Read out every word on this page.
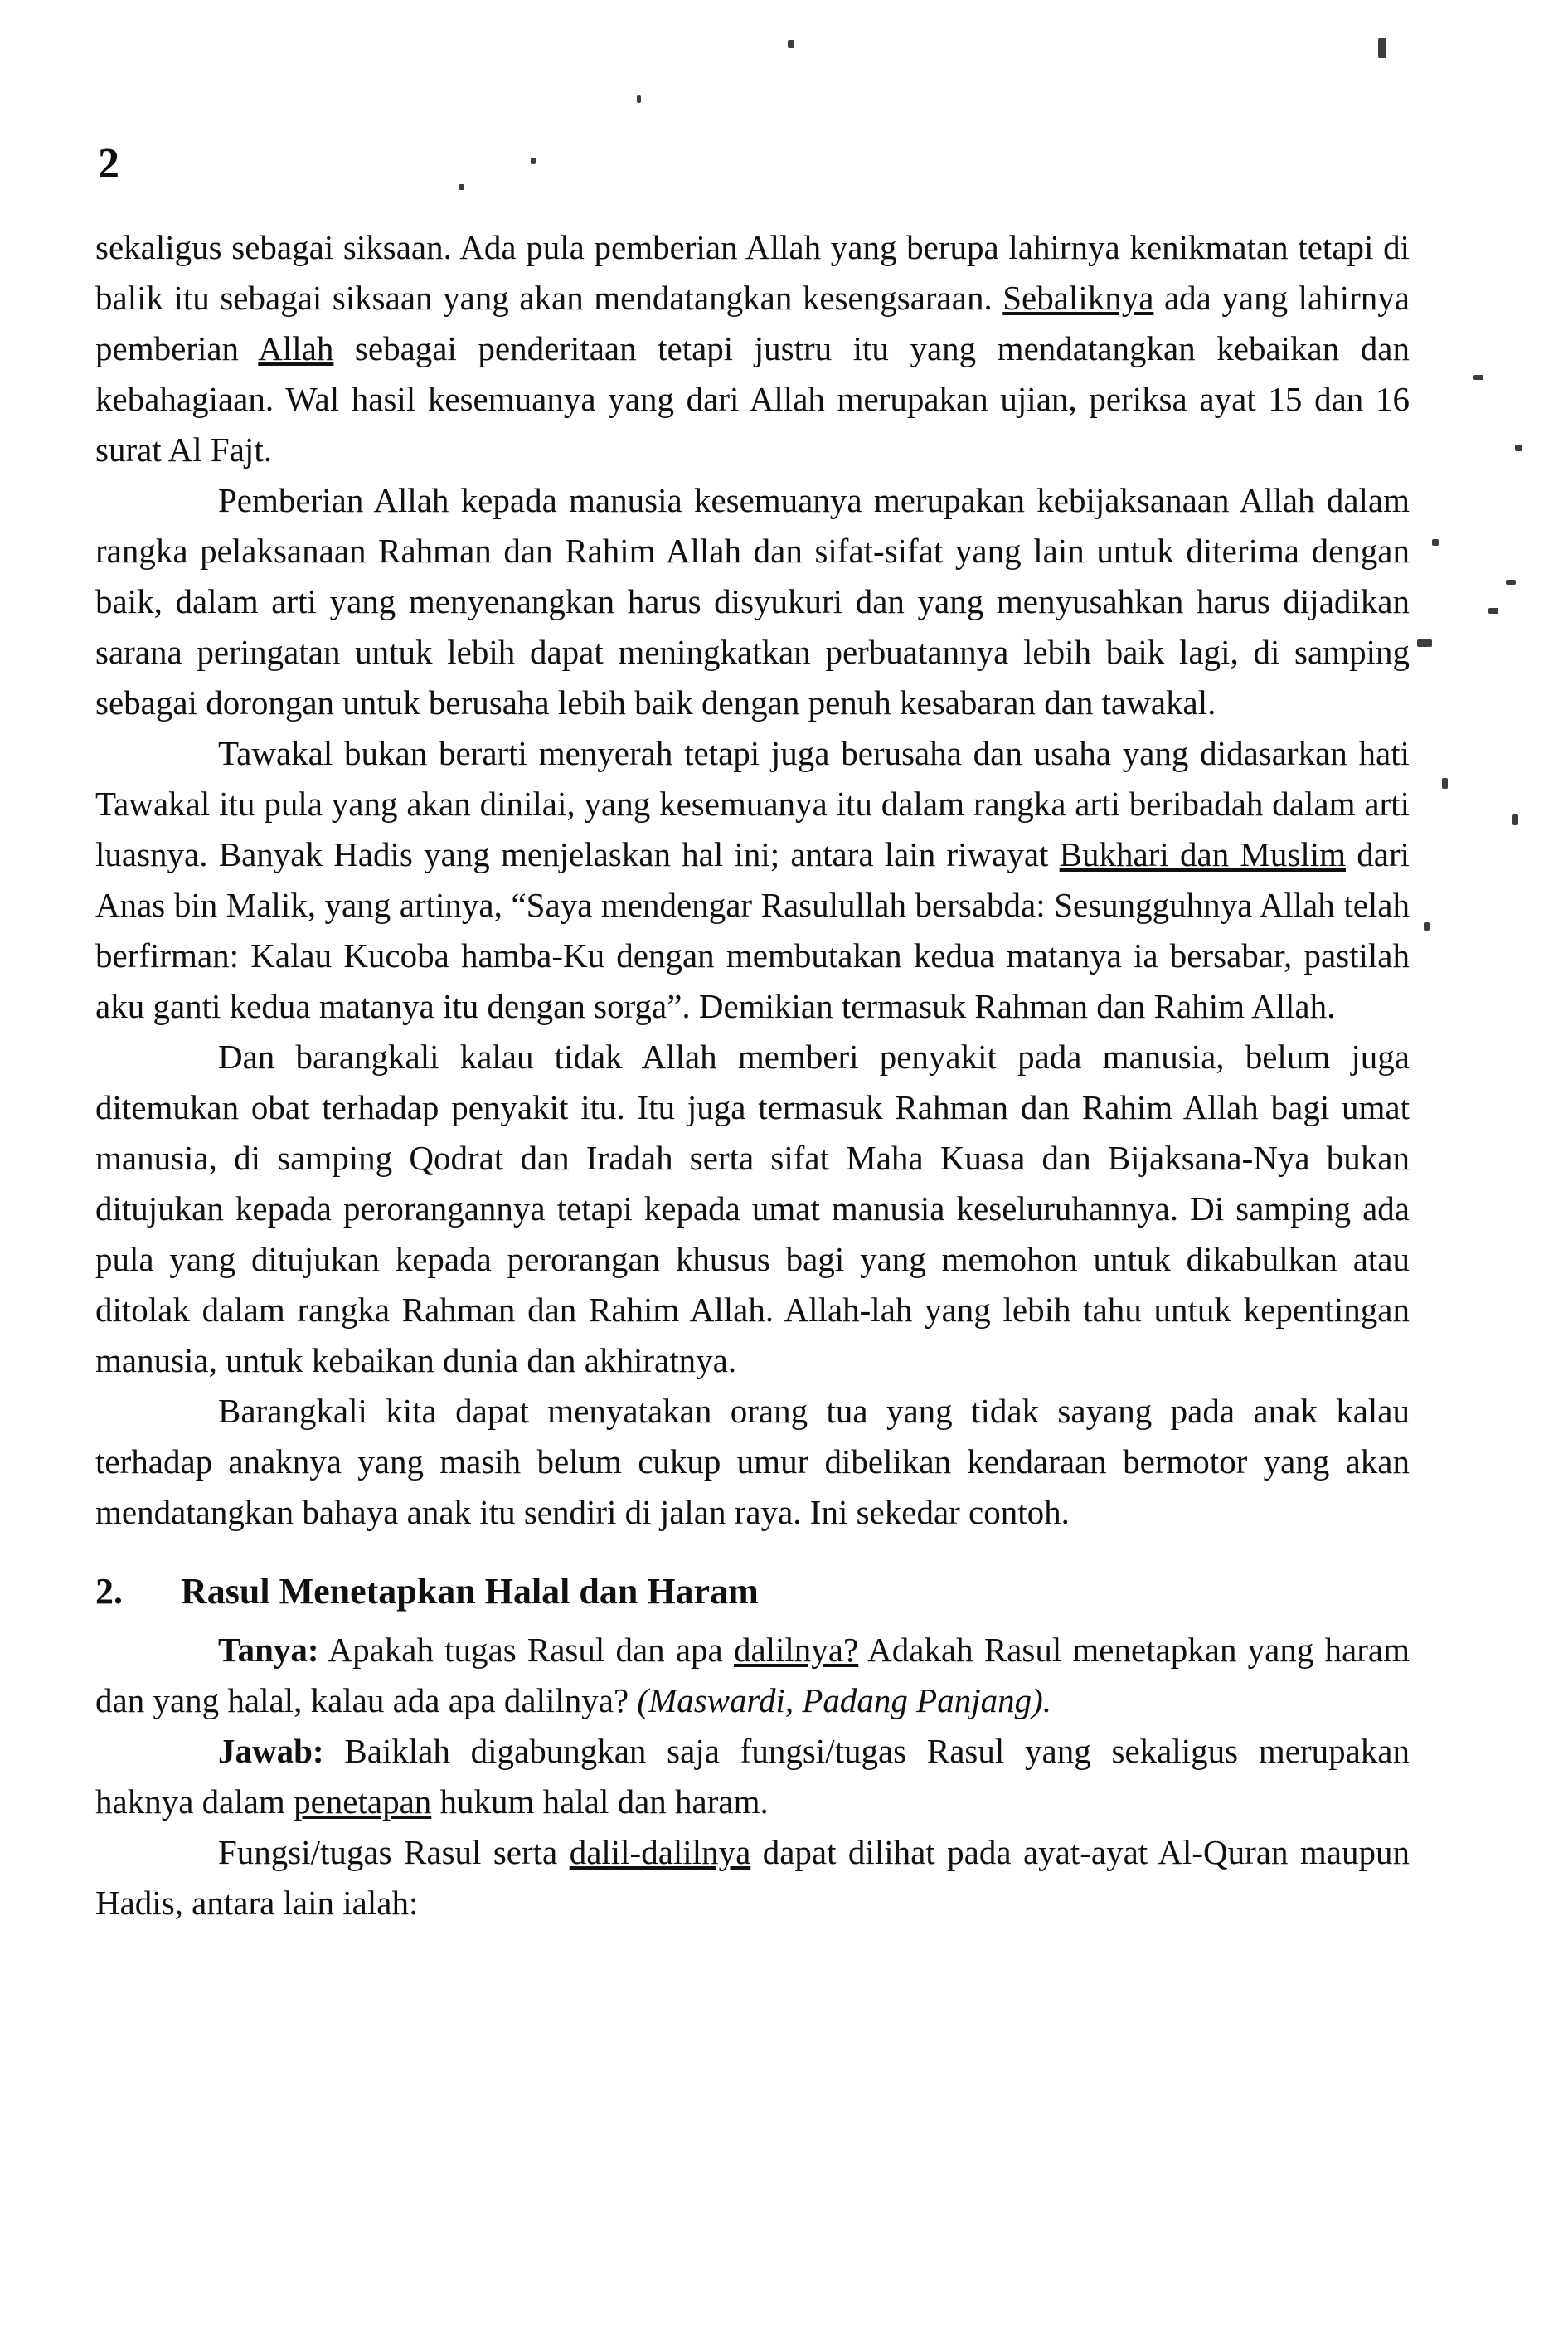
2

sekaligus sebagai siksaan. Ada pula pemberian Allah yang berupa lahirnya kenikmatan tetapi di balik itu sebagai siksaan yang akan mendatangkan kesengsaraan. Sebaliknya ada yang lahirnya pemberian Allah sebagai penderitaan tetapi justru itu yang mendatangkan kebaikan dan kebahagiaan. Wal hasil kesemuanya yang dari Allah merupakan ujian, periksa ayat 15 dan 16 surat Al Fajt.

Pemberian Allah kepada manusia kesemuanya merupakan kebijaksanaan Allah dalam rangka pelaksanaan Rahman dan Rahim Allah dan sifat-sifat yang lain untuk diterima dengan baik, dalam arti yang menyenangkan harus disyukuri dan yang menyusahkan harus dijadikan sarana peringatan untuk lebih dapat meningkatkan perbuatannya lebih baik lagi, di samping sebagai dorongan untuk berusaha lebih baik dengan penuh kesabaran dan tawakal.

Tawakal bukan berarti menyerah tetapi juga berusaha dan usaha yang didasarkan hati Tawakal itu pula yang akan dinilai, yang kesemuanya itu dalam rangka arti beribadah dalam arti luasnya. Banyak Hadis yang menjelaskan hal ini; antara lain riwayat Bukhari dan Muslim dari Anas bin Malik, yang artinya, “Saya mendengar Rasulullah bersabda: Sesungguhnya Allah telah berfirman: Kalau Kucoba hamba-Ku dengan membutakan kedua matanya ia bersabar, pastilah aku ganti kedua matanya itu dengan sorga”. Demikian termasuk Rahman dan Rahim Allah.

Dan barangkali kalau tidak Allah memberi penyakit pada manusia, belum juga ditemukan obat terhadap penyakit itu. Itu juga termasuk Rahman dan Rahim Allah bagi umat manusia, di samping Qodrat dan Iradah serta sifat Maha Kuasa dan Bijaksana-Nya bukan ditujukan kepada perorangannya tetapi kepada umat manusia keseluruhannya. Di samping ada pula yang ditujukan kepada perorangan khusus bagi yang memohon untuk dikabulkan atau ditolak dalam rangka Rahman dan Rahim Allah. Allah-lah yang lebih tahu untuk kepentingan manusia, untuk kebaikan dunia dan akhiratnya.

Barangkali kita dapat menyatakan orang tua yang tidak sayang pada anak kalau terhadap anaknya yang masih belum cukup umur dibelikan kendaraan bermotor yang akan mendatangkan bahaya anak itu sendiri di jalan raya. Ini sekedar contoh.

2.	Rasul Menetapkan Halal dan Haram

Tanya: Apakah tugas Rasul dan apa dalilnya? Adakah Rasul menetapkan yang haram dan yang halal, kalau ada apa dalilnya? (Maswardi, Padang Panjang).

Jawab: Baiklah digabungkan saja fungsi/tugas Rasul yang sekaligus merupakan haknya dalam penetapan hukum halal dan haram.

Fungsi/tugas Rasul serta dalil-dalilnya dapat dilihat pada ayat-ayat Al-Quran maupun Hadis, antara lain ialah:
